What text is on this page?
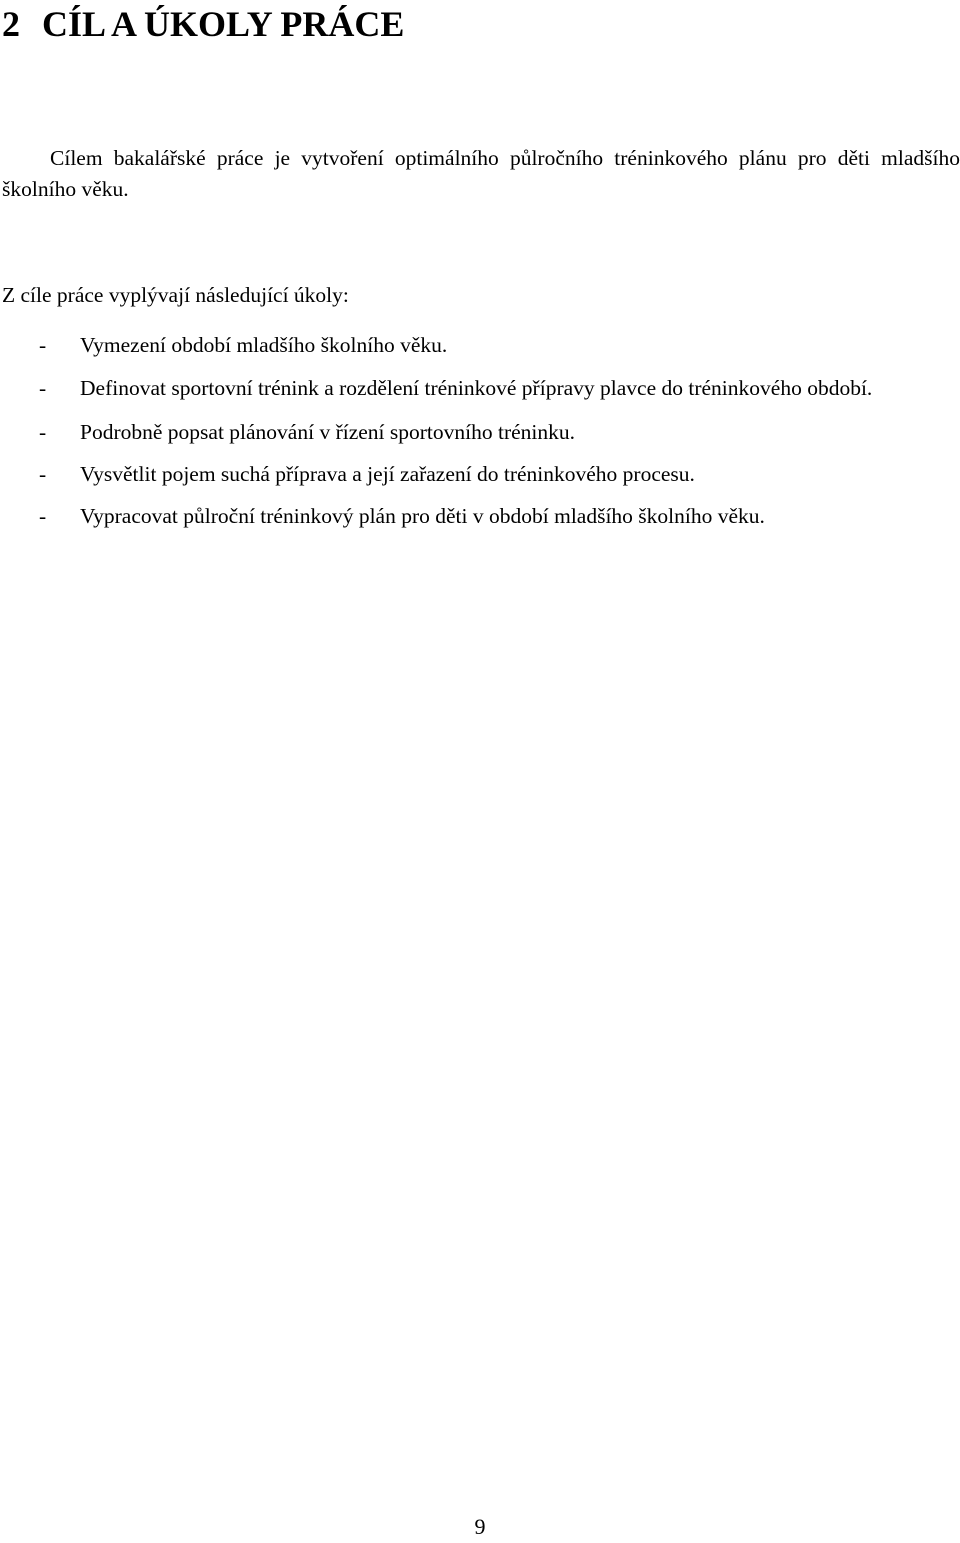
2 CÍL A ÚKOLY PRÁCE

Cílem bakalářské práce je vytvoření optimálního půlročního tréninkového plánu pro děti mladšího školního věku.

Z cíle práce vyplývají následující úkoly:

- Vymezení období mladšího školního věku.
- Definovat sportovní trénink a rozdělení tréninkové přípravy plavce do tréninkového období.
- Podrobně popsat plánování v řízení sportovního tréninku.
- Vysvětlit pojem suchá příprava a její zařazení do tréninkového procesu.
- Vypracovat půlroční tréninkový plán pro děti v období mladšího školního věku.

9
